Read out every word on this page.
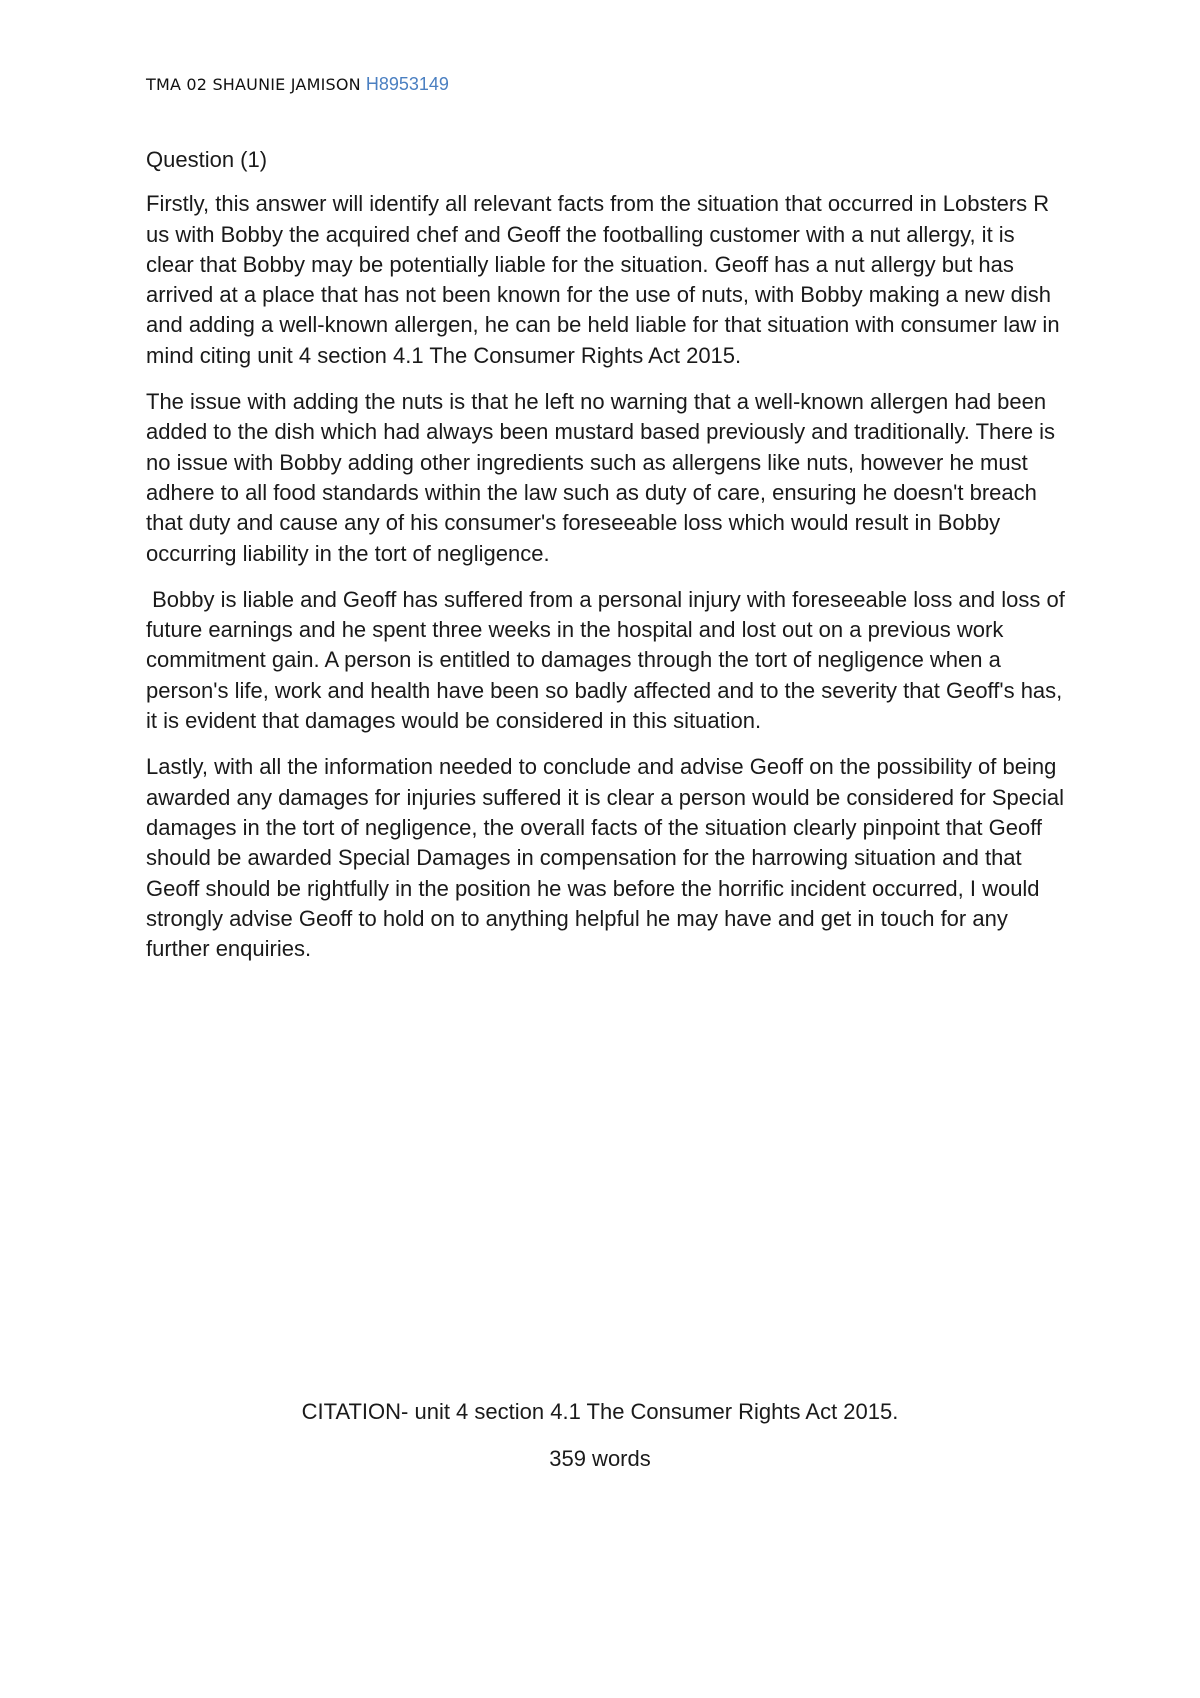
TMA 02 SHAUNIE JAMISON H8953149

Question (1)

Firstly, this answer will identify all relevant facts from the situation that occurred in Lobsters R us with Bobby the acquired chef and Geoff the footballing customer with a nut allergy, it is clear that Bobby may be potentially liable for the situation. Geoff has a nut allergy but has arrived at a place that has not been known for the use of nuts, with Bobby making a new dish and adding a well-known allergen, he can be held liable for that situation with consumer law in mind citing unit 4 section 4.1 The Consumer Rights Act 2015.

The issue with adding the nuts is that he left no warning that a well-known allergen had been added to the dish which had always been mustard based previously and traditionally. There is no issue with Bobby adding other ingredients such as allergens like nuts, however he must adhere to all food standards within the law such as duty of care, ensuring he doesn't breach that duty and cause any of his consumer's foreseeable loss which would result in Bobby occurring liability in the tort of negligence.

Bobby is liable and Geoff has suffered from a personal injury with foreseeable loss and loss of future earnings and he spent three weeks in the hospital and lost out on a previous work commitment gain. A person is entitled to damages through the tort of negligence when a person's life, work and health have been so badly affected and to the severity that Geoff's has, it is evident that damages would be considered in this situation.

Lastly, with all the information needed to conclude and advise Geoff on the possibility of being awarded any damages for injuries suffered it is clear a person would be considered for Special damages in the tort of negligence, the overall facts of the situation clearly pinpoint that Geoff should be awarded Special Damages in compensation for the harrowing situation and that Geoff should be rightfully in the position he was before the horrific incident occurred, I would strongly advise Geoff to hold on to anything helpful he may have and get in touch for any further enquiries.

CITATION- unit 4 section 4.1 The Consumer Rights Act 2015.
359 words
